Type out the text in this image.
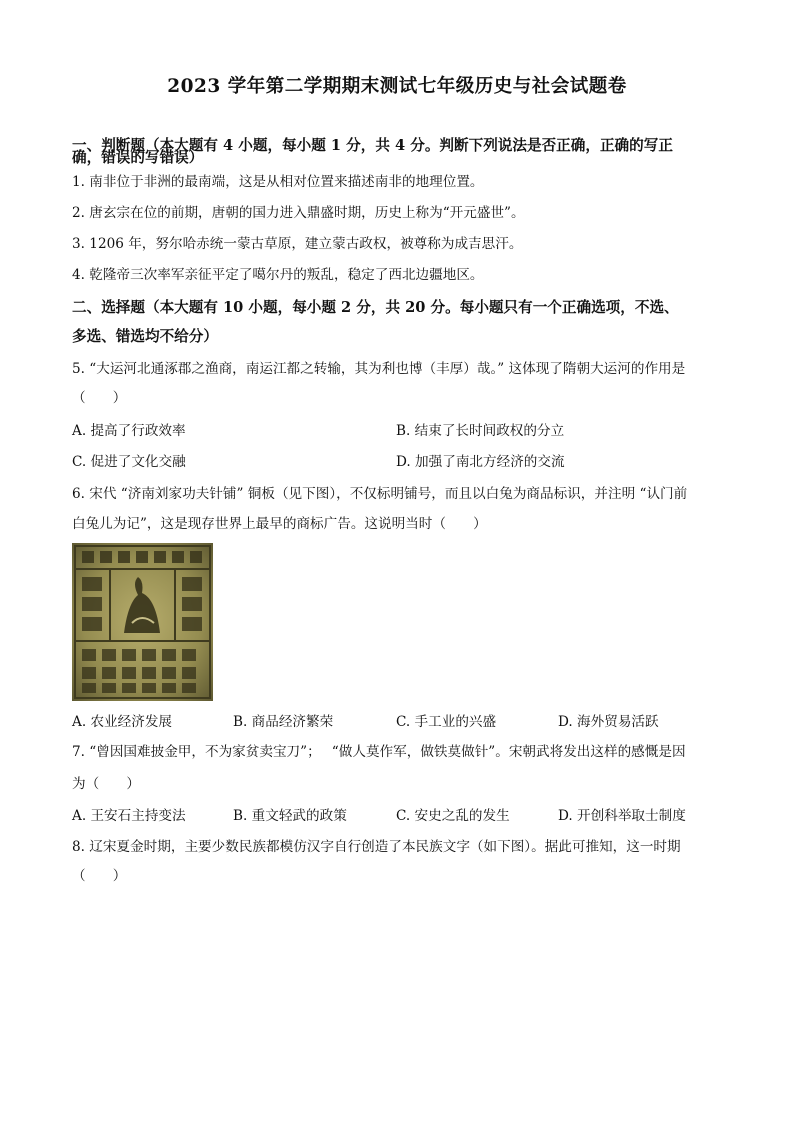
2023 学年第二学期期末测试七年级历史与社会试题卷
一、判断题（本大题有 4 小题，每小题 1 分，共 4 分。判断下列说法是否正确，正确的写正
确，错误的写错误）
1. 南非位于非洲的最南端，这是从相对位置来描述南非的地理位置。
2. 唐玄宗在位的前期，唐朝的国力进入鼎盛时期，历史上称为“开元盛世”。
3. 1206 年，努尔哈赤统一蒙古草原，建立蒙古政权，被尊称为成吉思汗。
4. 乾隆帝三次率军亲征平定了噶尔丹的叛乱，稳定了西北边疆地区。
二、选择题（本大题有 10 小题，每小题 2 分，共 20 分。每小题只有一个正确选项，不选、
多选、错选均不给分）
5. “大运河北通涿郡之渔商，南运江都之转输，其为利也博（丰厚）哉。” 这体现了隋朝大运河的作用是
（　　）
A. 提高了行政效率	B. 结束了长时间政权的分立
C. 促进了文化交融	D. 加强了南北方经济的交流
6. 宋代 “济南刘家功夫针铺” 铜板（见下图），不仅标明铺号，而且以白兔为商品标识，并注明 “认门前
白兔儿为记”，这是现存世界上最早的商标广告。这说明当时（　　）
A. 农业经济发展	B. 商品经济繁荣	C. 手工业的兴盛	D. 海外贸易活跃
7. “曾因国难披金甲，不为家贫卖宝刀”；　 “做人莫作军，做铁莫做针”。宋朝武将发出这样的感慨是因
为（　　）
A. 王安石主持变法	B. 重文轻武的政策	C. 安史之乱的发生	D. 开创科举取士制度
8. 辽宋夏金时期，主要少数民族都模仿汉字自行创造了本民族文字（如下图）。据此可推知，这一时期
（　　）
